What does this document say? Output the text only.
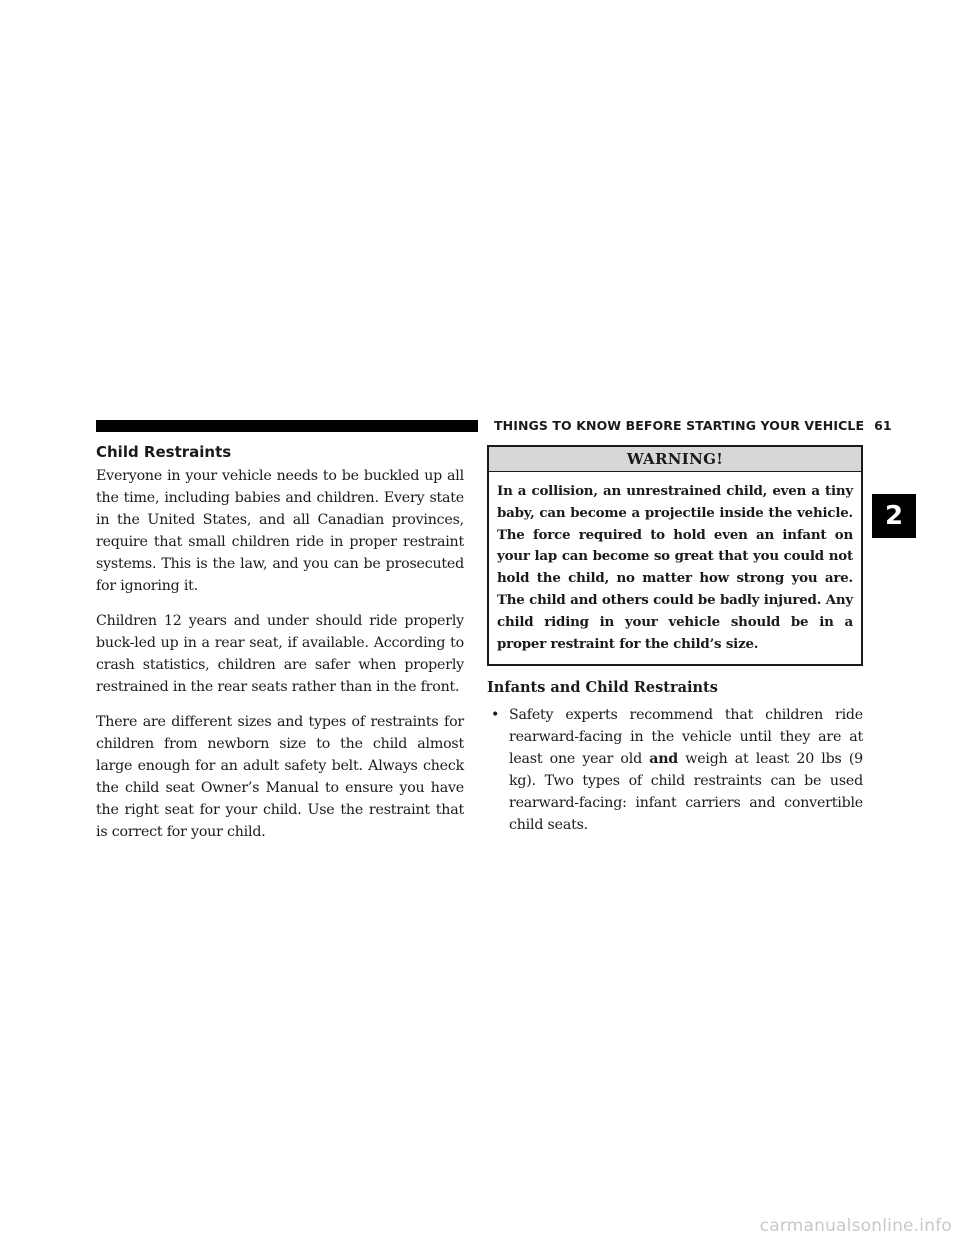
THINGS TO KNOW BEFORE STARTING YOUR VEHICLE 61
Child Restraints

Everyone in your vehicle needs to be buckled up all the time, including babies and children. Every state in the United States, and all Canadian provinces, require that small children ride in proper restraint systems. This is the law, and you can be prosecuted for ignoring it.

Children 12 years and under should ride properly buck-led up in a rear seat, if available. According to crash statistics, children are safer when properly restrained in the rear seats rather than in the front.

There are different sizes and types of restraints for children from newborn size to the child almost large enough for an adult safety belt. Always check the child seat Owner’s Manual to ensure you have the right seat for your child. Use the restraint that is correct for your child.

WARNING!
In a collision, an unrestrained child, even a tiny baby, can become a projectile inside the vehicle. The force required to hold even an infant on your lap can become so great that you could not hold the child, no matter how strong you are. The child and others could be badly injured. Any child riding in your vehicle should be in a proper restraint for the child’s size.
Infants and Child Restraints
• Safety experts recommend that children ride rearward-facing in the vehicle until they are at least one year old and weigh at least 20 lbs (9 kg). Two types of child restraints can be used rearward-facing: infant carriers and convertible child seats.
2
carmanualsonline.info
